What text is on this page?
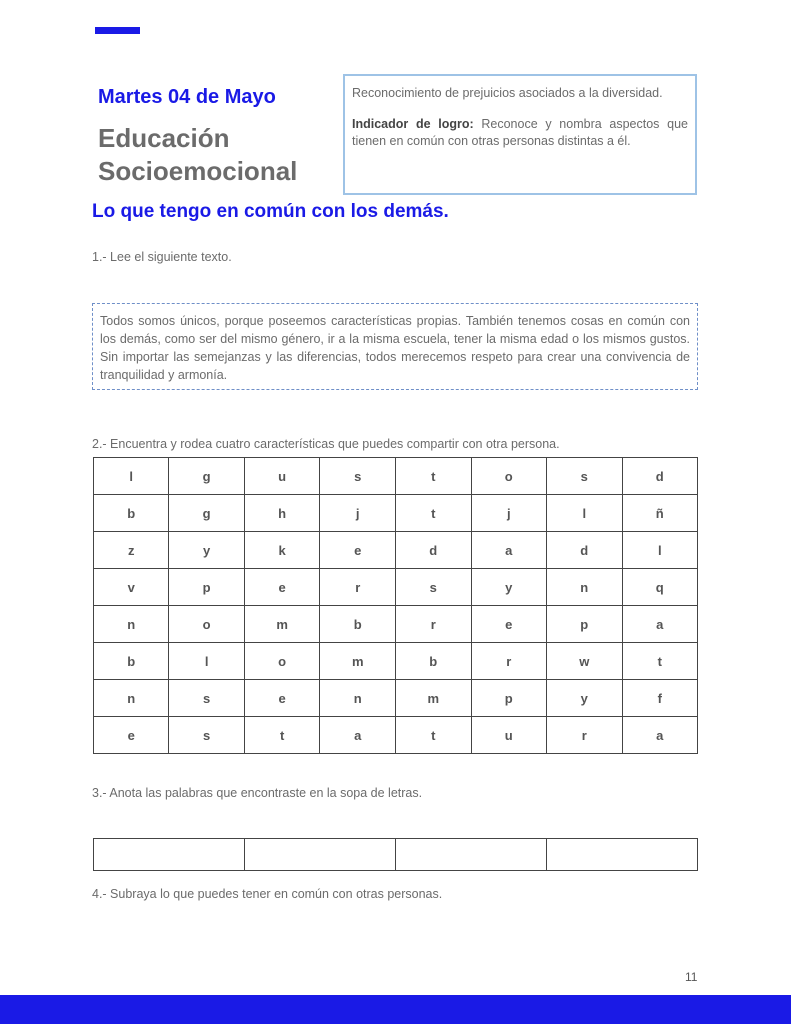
Martes 04 de Mayo
Educación
Socioemocional

Reconocimiento de prejuicios asociados a la diversidad.

Indicador de logro: Reconoce y nombra aspectos que tienen en común con otras personas distintas a él.

Lo que tengo en común con los demás.
1.- Lee el siguiente texto.
Todos somos únicos, porque poseemos características propias. También tenemos cosas en común con los demás, como ser del mismo género, ir a la misma escuela, tener la misma edad o los mismos gustos. Sin importar las semejanzas y las diferencias, todos merecemos respeto para crear una convivencia de tranquilidad y armonía.
2.- Encuentra y rodea cuatro características que puedes compartir con otra persona.
l	g	u	s	t	o	s	d
b	g	h	j	t	j	l	ñ
z	y	k	e	d	a	d	l
v	p	e	r	s	y	n	q
n	o	m	b	r	e	p	a
b	l	o	m	b	r	w	t
n	s	e	n	m	p	y	f
e	s	t	a	t	u	r	a
3.- Anota las palabras que encontraste en la sopa de letras.

4.- Subraya lo que puedes tener en común con otras personas.
11
